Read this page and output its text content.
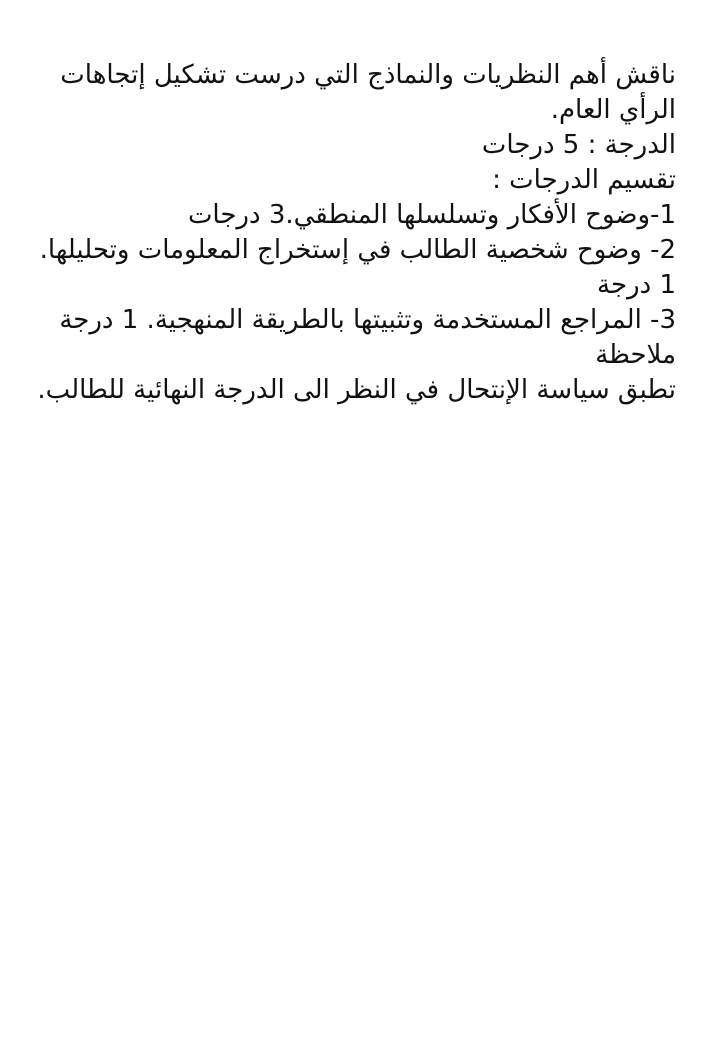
ناقش أهم النظريات والنماذج التي درست تشكيل إتجاهات الرأي العام.

الدرجة : 5 درجات

تقسيم الدرجات :

1-وضوح الأفكار وتسلسلها المنطقي.3 درجات

2- وضوح شخصية الطالب في إستخراج المعلومات وتحليلها. 1 درجة

3- المراجع المستخدمة وتثبيتها بالطريقة المنهجية. 1 درجة

ملاحظة

تطبق سياسة الإنتحال في النظر الى الدرجة النهائية للطالب.
